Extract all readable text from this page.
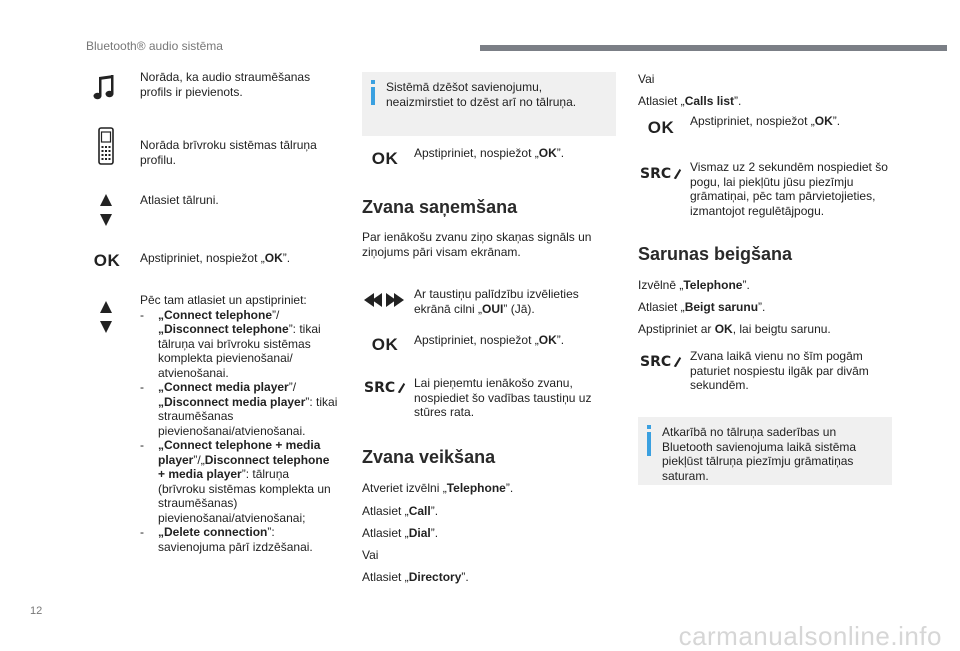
Bluetooth® audio sistēma
Norāda, ka audio straumēšanas profils ir pievienots.
Norāda brīvroku sistēmas tālruņa profilu.
Atlasiet tālruni.
OK	Apstipriniet, nospiežot „OK”.
Pēc tam atlasiet un apstipriniet:
-	„Connect telephone”/
„Disconnect telephone”: tikai tālruņa vai brīvroku sistēmas komplekta pievienošanai/ atvienošanai.
-	„Connect media player”/
„Disconnect media player”: tikai straumēšanas pievienošanai/atvienošanai.
-	„Connect telephone + media player”/„Disconnect telephone + media player”: tālruņa (brīvroku sistēmas komplekta un straumēšanas) pievienošanai/atvienošanai;
-	„Delete connection”: savienojuma pārī izdzēšanai.
Sistēmā dzēšot savienojumu, neaizmirstiet to dzēst arī no tālruņa.
OK	Apstipriniet, nospiežot „OK”.
Zvana saņemšana
Par ienākošu zvanu ziņo skaņas signāls un ziņojums pāri visam ekrānam.
Ar taustiņu palīdzību izvēlieties ekrānā cilni „OUI” (Jā).
OK	Apstipriniet, nospiežot „OK”.
SRC Lai pieņemtu ienākošo zvanu, nospiediet šo vadības taustiņu uz stūres rata.
Zvana veikšana
Atveriet izvēlni „Telephone”.
Atlasiet „Call”.
Atlasiet „Dial”.
Vai
Atlasiet „Directory”.
Vai
Atlasiet „Calls list”.
OK	Apstipriniet, nospiežot „OK”.
SRC Vismaz uz 2 sekundēm nospiediet šo pogu, lai piekļūtu jūsu piezīmju grāmatiņai, pēc tam pārvietojieties, izmantojot regulētājpogu.
Sarunas beigšana
Izvēlnē „Telephone”.
Atlasiet „Beigt sarunu”.
Apstipriniet ar OK, lai beigtu sarunu.
SRC Zvana laikā vienu no šīm pogām paturiet nospiestu ilgāk par divām sekundēm.
Atkarībā no tālruņa saderības un Bluetooth savienojuma laikā sistēma piekļūst tālruņa piezīmju grāmatiņas saturam.
12
carmanualsonline.info
